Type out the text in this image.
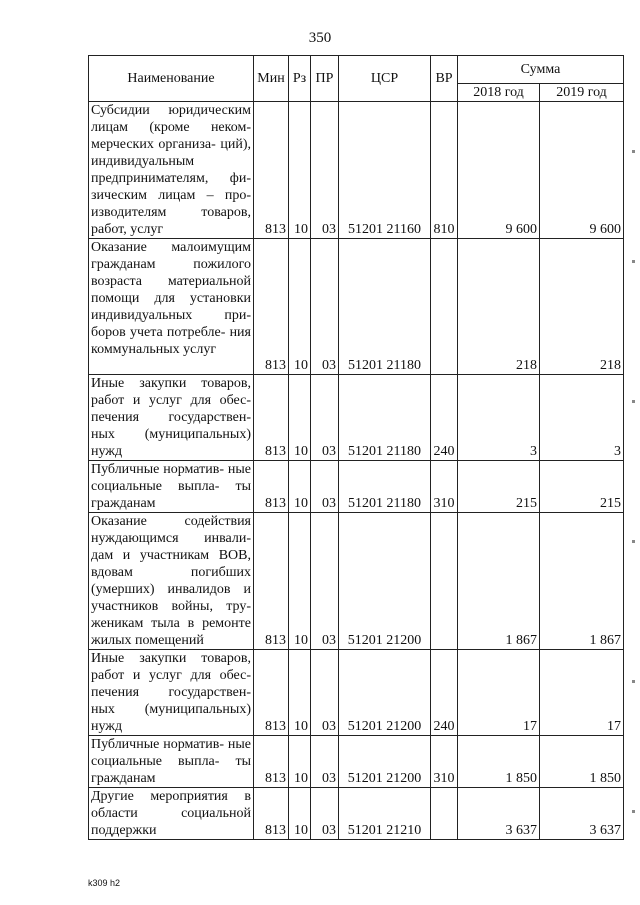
350
Наименование	Мин	Рз	ПР	ЦСР	ВР	Сумма	
						2018 год	2019 год
Субсидии юридическим лицам (кроме неком- мерческих организа- ций), индивидуальным предпринимателям, фи- зическим лицам – про- изводителям товаров, работ, услуг	813	10	03	51201 21160	810	9 600	9 600
Оказание малоимущим гражданам пожилого возраста материальной помощи для установки индивидуальных при- боров учета потребле- ния коммунальных услуг	813	10	03	51201 21180		218	218
Иные закупки товаров, работ и услуг для обес- печения государствен- ных (муниципальных) нужд	813	10	03	51201 21180	240	3	3
Публичные норматив- ные социальные выпла- ты гражданам	813	10	03	51201 21180	310	215	215
Оказание содействия нуждающимся инвали- дам и участникам ВОВ, вдовам погибших (умерших) инвалидов и участников войны, тру- женикам тыла в ремонте жилых помещений	813	10	03	51201 21200		1 867	1 867
Иные закупки товаров, работ и услуг для обес- печения государствен- ных (муниципальных) нужд	813	10	03	51201 21200	240	17	17
Публичные норматив- ные социальные выпла- ты гражданам	813	10	03	51201 21200	310	1 850	1 850
Другие мероприятия в области социальной поддержки	813	10	03	51201 21210		3 637	3 637
k309 h2
